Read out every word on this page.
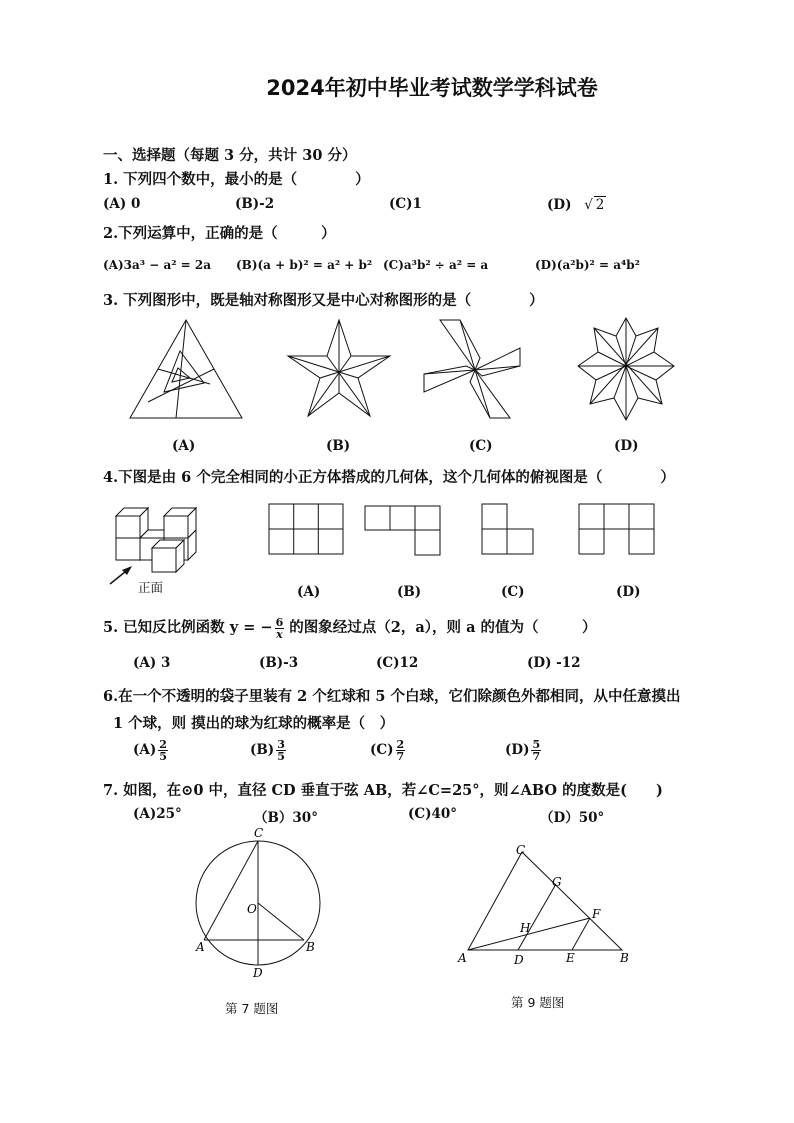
2024年初中毕业考试数学学科试卷
一、选择题（每题 3 分，共计 30 分）
1. 下列四个数中，最小的是（　　　　）
(A) 0	(B)-2	(C)1	(D) √ 2
2.下列运算中，正确的是（　　　）
(A)3a³ − a² = 2a (B)(a + b)² = a² + b² (C)a³b² ÷ a² = a	(D)(a²b)² = a⁴b²
3. 下列图形中，既是轴对称图形又是中心对称图形的是（　　　　）
(A)	(B)	(C)	(D)
4.下图是由 6 个完全相同的小正方体搭成的几何体，这个几何体的俯视图是（　　　　）
正面	(A)	(B)	(C)	(D)
5. 已知反比例函数 y = − $\frac{6}{x}$ 的图象经过点（2，a），则 a 的值为（　　　）
(A) 3	(B)-3	(C)12	(D) -12
6.在一个不透明的袋子里装有 2 个红球和 5 个白球，它们除颜色外都相同，从中任意摸出
1 个球，则 摸出的球为红球的概率是（　）
$(A) \frac{2}{5}$	$(B) \frac{3}{5}$	$(C) \frac{2}{7}$	$(D) \frac{5}{7}$
7. 如图，在⊙0 中，直径 CD 垂直于弦 AB，若∠C=25°，则∠ABO 的度数是(　　)
(A)25°	（B）30°	(C)40°	（D）50°
C
O
A	B
D
第 7 题图
C
G
F
H
A	D	E	B
第 9 题图
